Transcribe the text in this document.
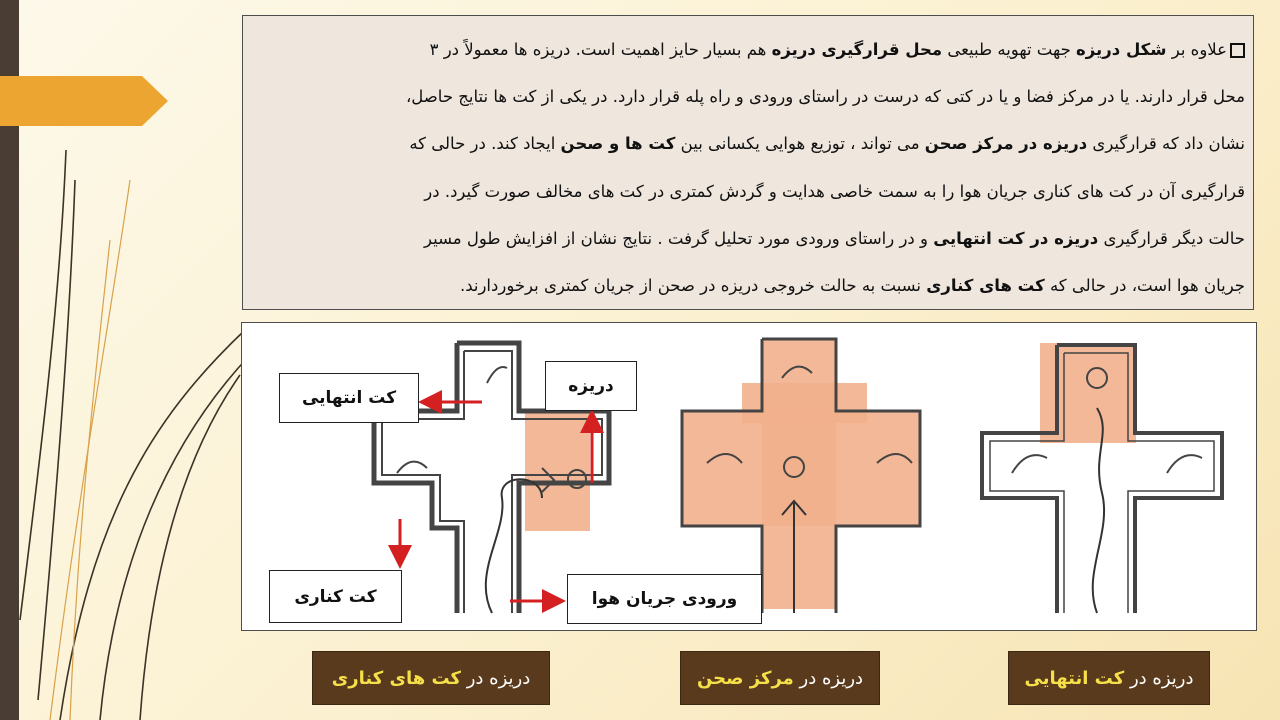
علاوه بر شکل دریزه جهت تهویه طبیعی محل قرارگیری دریزه هم بسیار حایز اهمیت است. دریزه ها معمولاً در ۳
محل قرار دارند. یا در مرکز فضا و یا در کتی که درست در راستای ورودی و راه پله قرار دارد. در یکی از کت ها نتایج حاصل،
نشان داد که قرارگیری دریزه در مرکز صحن می تواند ، توزیع هوایی یکسانی بین کت ها و صحن ایجاد کند. در حالی که
قرارگیری آن در کت های کناری جریان هوا را به سمت خاصی هدایت و گردش کمتری در کت های مخالف صورت گیرد. در
حالت دیگر قرارگیری دریزه در کت انتهایی و در راستای ورودی مورد تحلیل گرفت . نتایج نشان از افزایش طول مسیر
جریان هوا است، در حالی که کت های کناری نسبت به حالت خروجی دریزه در صحن از جریان کمتری برخوردارند.
کت انتهایی
دریزه
کت کناری	ورودی جریان هوا
دریزه در

کت های کناری	دریزه در

مرکز صحن	دریزه در

کت انتهایی
